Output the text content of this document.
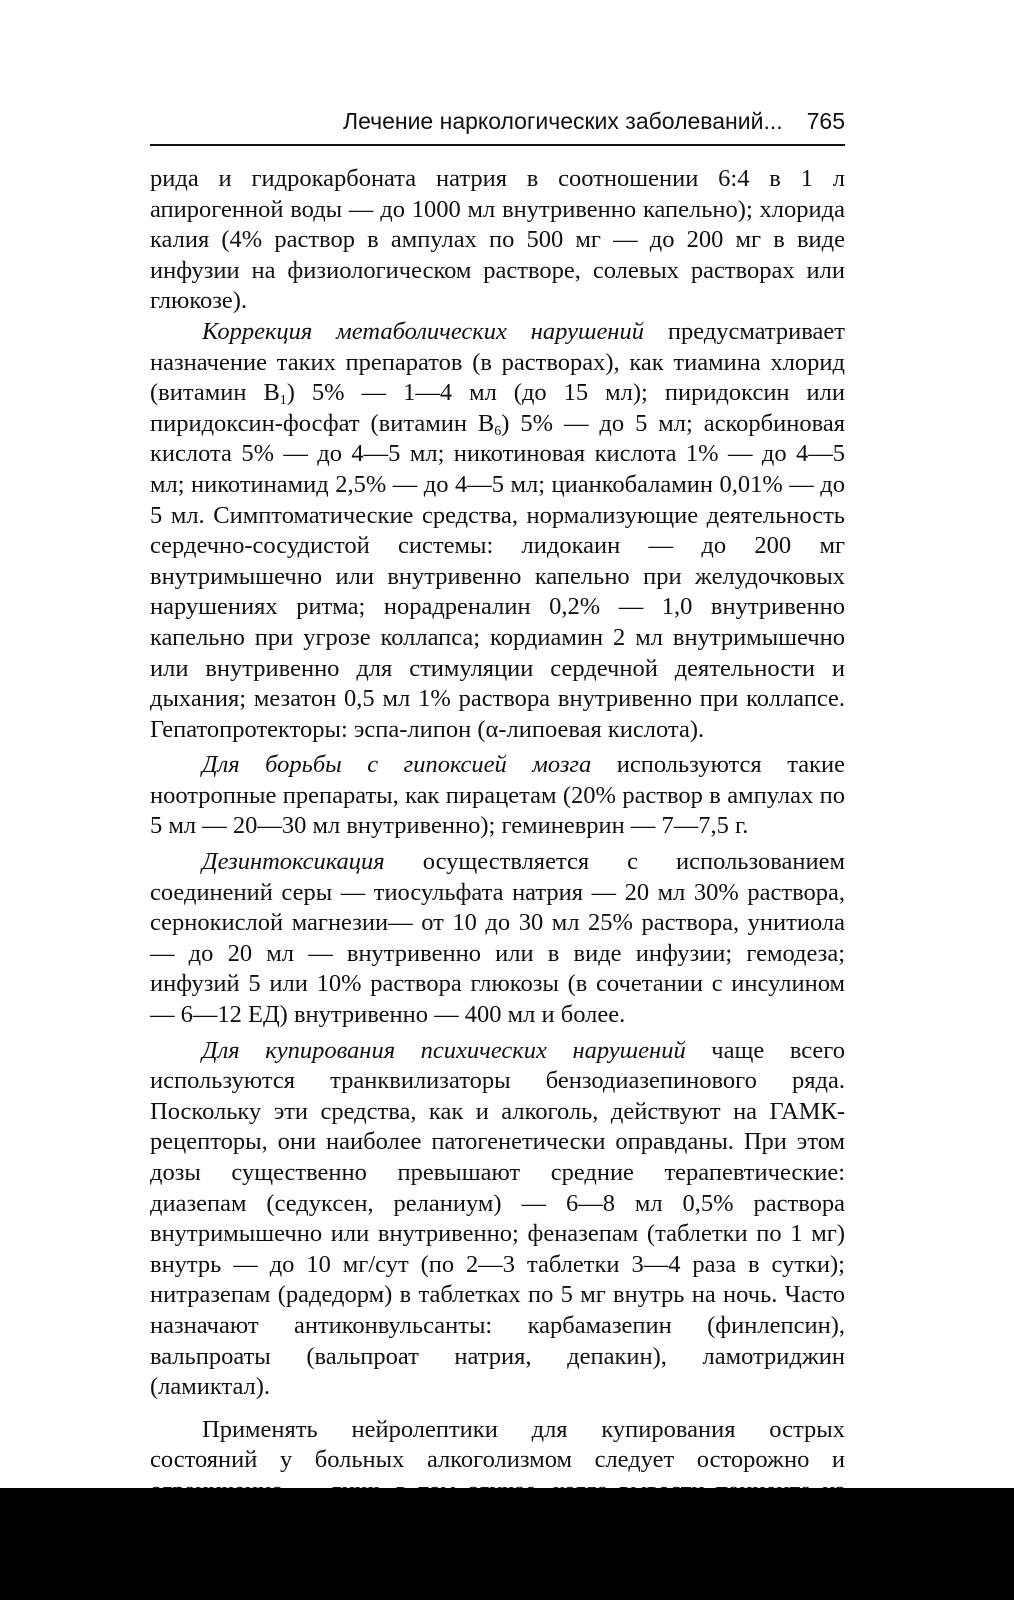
Лечение наркологических заболеваний... 765

рида и гидрокарбоната натрия в соотношении 6:4 в 1 л апирогенной воды — до 1000 мл внутривенно капельно); хлорида калия (4% раствор в ампулах по 500 мг — до 200 мг в виде инфузии на физиологическом растворе, солевых растворах или глюкозе).

Коррекция метаболических нарушений предусматривает назначение таких препаратов (в растворах), как тиамина хлорид (витамин $B_1$) 5% — 1—4 мл (до 15 мл); пиридоксин или пиридоксин-фосфат (витамин $B_6$) 5% — до 5 мл; аскорбиновая кислота 5% — до 4—5 мл; никотиновая кислота 1% — до 4—5 мл; никотинамид 2,5% — до 4—5 мл; цианкобаламин 0,01% — до 5 мл. Симптоматические средства, нормализующие деятельность сердечно-сосудистой системы: лидокаин — до 200 мг внутримышечно или внутривенно капельно при желудочковых нарушениях ритма; норадреналин 0,2% — 1,0 внутривенно капельно при угрозе коллапса; кордиамин 2 мл внутримышечно или внутривенно для стимуляции сердечной деятельности и дыхания; мезатон 0,5 мл 1% раствора внутривенно при коллапсе. Гепатопротекторы: эспа-липон (α-липоевая кислота).

Для борьбы с гипоксией мозга используются такие ноотропные препараты, как пирацетам (20% раствор в ампулах по 5 мл — 20—30 мл внутривенно); геминеврин — 7—7,5 г.

Дезинтоксикация осуществляется с использованием соединений серы — тиосульфата натрия — 20 мл 30% раствора, сернокислой магнезии— от 10 до 30 мл 25% раствора, унитиола — до 20 мл — внутривенно или в виде инфузии; гемодеза; инфузий 5 или 10% раствора глюкозы (в сочетании с инсулином — 6—12 ЕД) внутривенно — 400 мл и более.

Для купирования психических нарушений чаще всего используются транквилизаторы бензодиазепинового ряда. Поскольку эти средства, как и алкоголь, действуют на ГАМК-рецепторы, они наиболее патогенетически оправданы. При этом дозы существенно превышают средние терапевтические: диазепам (седуксен, реланиум) — 6—8 мл 0,5% раствора внутримышечно или внутривенно; феназепам (таблетки по 1 мг) внутрь — до 10 мг/сут (по 2—3 таблетки 3—4 раза в сутки); нитразепам (радедорм) в таблетках по 5 мг внутрь на ночь. Часто назначают антиконвульсанты: карбамазепин (финлепсин), вальпроаты (вальпроат натрия, депакин), ламотриджин (ламиктал).

Применять нейролептики для купирования острых состояний у больных алкоголизмом следует осторожно и
